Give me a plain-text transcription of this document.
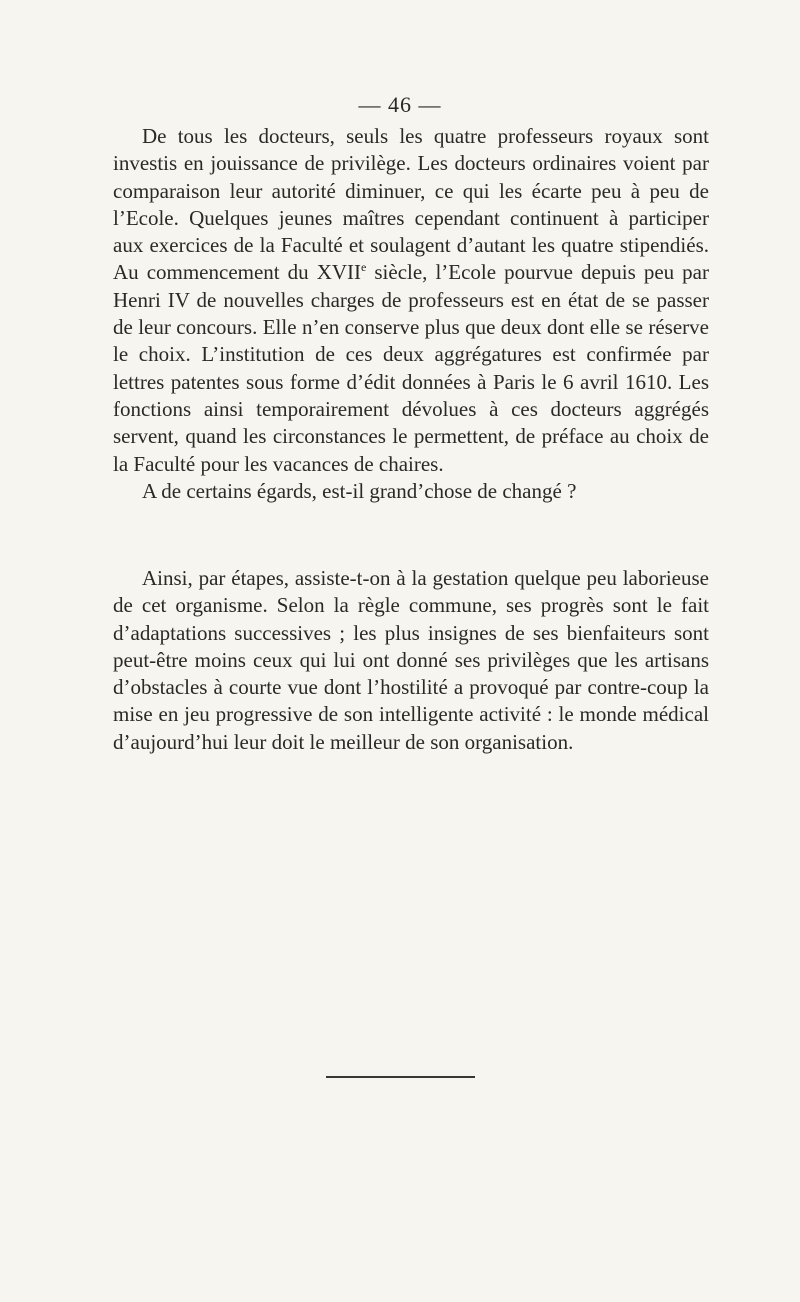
— 46 —

De tous les docteurs, seuls les quatre professeurs royaux sont investis en jouissance de privilège. Les docteurs ordinaires voient par comparaison leur autorité diminuer, ce qui les écarte peu à peu de l’Ecole. Quelques jeunes maîtres cependant continuent à participer aux exercices de la Faculté et soulagent d’autant les quatre stipendiés. Au commencement du XVIIe siècle, l’Ecole pourvue depuis peu par Henri IV de nouvelles charges de professeurs est en état de se passer de leur concours. Elle n’en conserve plus que deux dont elle se réserve le choix. L’institution de ces deux aggrégatures est confirmée par lettres patentes sous forme d’édit données à Paris le 6 avril 1610. Les fonctions ainsi temporairement dévolues à ces docteurs aggrégés servent, quand les circonstances le permettent, de préface au choix de la Faculté pour les vacances de chaires.

A de certains égards, est-il grand’chose de changé ?

Ainsi, par étapes, assiste-t-on à la gestation quelque peu laborieuse de cet organisme. Selon la règle commune, ses progrès sont le fait d’adaptations successives ; les plus insignes de ses bienfaiteurs sont peut-être moins ceux qui lui ont donné ses privilèges que les artisans d’obstacles à courte vue dont l’hostilité a provoqué par contre-coup la mise en jeu progressive de son intelligente activité : le monde médical d’aujourd’hui leur doit le meilleur de son organisation.
